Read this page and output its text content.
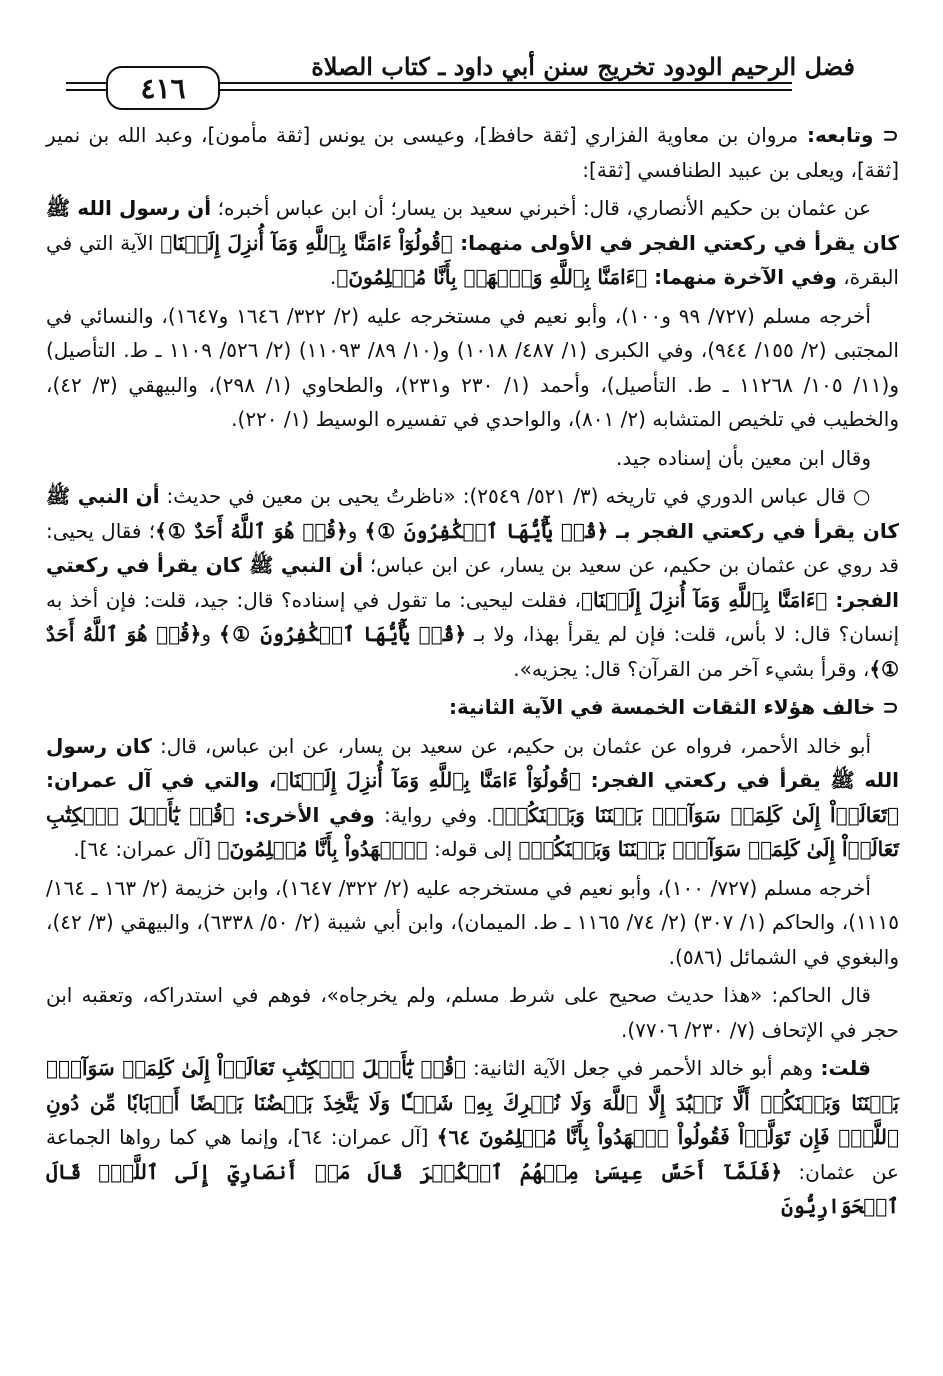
فضل الرحيم الودود تخريج سنن أبي داود ـ كتاب الصلاة
٤١٦

⊂ وتابعه: مروان بن معاوية الفزاري [ثقة حافظ]، وعيسى بن يونس [ثقة مأمون]، وعبد الله بن نمير [ثقة]، ويعلى بن عبيد الطنافسي [ثقة]:

عن عثمان بن حكيم الأنصاري، قال: أخبرني سعيد بن يسار؛ أن ابن عباس أخبره؛ أن رسول الله ﷺ كان يقرأ في ركعتي الفجر في الأولى منهما: ﴿قُولُوٓاْ ءَامَنَّا بِٱللَّهِ وَمَآ أُنزِلَ إِلَيۡنَا﴾ الآية التي في البقرة، وفي الآخرة منهما: ﴿ءَامَنَّا بِٱللَّهِ وَٱشۡهَدۡ بِأَنَّا مُسۡلِمُونَ﴾.

أخرجه مسلم (٧٢٧/ ٩٩ و١٠٠)، وأبو نعيم في مستخرجه عليه (٢/ ٣٢٢/ ١٦٤٦ و١٦٤٧)، والنسائي في المجتبى (٢/ ١٥٥/ ٩٤٤)، وفي الكبرى (١/ ٤٨٧/ ١٠١٨) و(١٠/ ٨٩/ ١١٠٩٣) (٢/ ٥٢٦/ ١١٠٩ ـ ط. التأصيل) و(١١/ ١٠٥/ ١١٢٦٨ ـ ط. التأصيل)، وأحمد (١/ ٢٣٠ و٢٣١)، والطحاوي (١/ ٢٩٨)، والبيهقي (٣/ ٤٢)، والخطيب في تلخيص المتشابه (٢/ ٨٠١)، والواحدي في تفسيره الوسيط (١/ ٢٢٠).

وقال ابن معين بأن إسناده جيد.

○ قال عباس الدوري في تاريخه (٣/ ٥٢١/ ٢٥٤٩): «ناظرتُ يحيى بن معين في حديث: أن النبي ﷺ كان يقرأ في ركعتي الفجر بـ ﴿قُلۡ يَٰٓأَيُّهَا ٱلۡكَٰفِرُونَ ①﴾ و﴿قُلۡ هُوَ ٱللَّهُ أَحَدٌ ①﴾؛ فقال يحيى: قد روي عن عثمان بن حكيم، عن سعيد بن يسار، عن ابن عباس؛ أن النبي ﷺ كان يقرأ في ركعتي الفجر: ﴿ءَامَنَّا بِٱللَّهِ وَمَآ أُنزِلَ إِلَيۡنَا﴾، فقلت ليحيى: ما تقول في إسناده؟ قال: جيد، قلت: فإن أخذ به إنسان؟ قال: لا بأس، قلت: فإن لم يقرأ بهذا، ولا بـ ﴿قُلۡ يَٰٓأَيُّهَا ٱلۡكَٰفِرُونَ ①﴾ و﴿قُلۡ هُوَ ٱللَّهُ أَحَدٌ ①﴾، وقرأ بشيء آخر من القرآن؟ قال: يجزيه».

⊂ خالف هؤلاء الثقات الخمسة في الآية الثانية:

أبو خالد الأحمر، فرواه عن عثمان بن حكيم، عن سعيد بن يسار، عن ابن عباس، قال: كان رسول الله ﷺ يقرأ في ركعتي الفجر: ﴿قُولُوٓاْ ءَامَنَّا بِٱللَّهِ وَمَآ أُنزِلَ إِلَيۡنَا﴾، والتي في آل عمران: ﴿تَعَالَوۡاْ إِلَىٰ كَلِمَةٖ سَوَآءِۭ بَيۡنَنَا وَبَيۡنَكُمۡ﴾. وفي رواية: وفي الأخرى: ﴿قُلۡ يَٰٓأَهۡلَ ٱلۡكِتَٰبِ تَعَالَوۡاْ إِلَىٰ كَلِمَةٖ سَوَآءِۭ بَيۡنَنَا وَبَيۡنَكُمۡ﴾ إلى قوله: ﴿ٱشۡهَدُواْ بِأَنَّا مُسۡلِمُونَ﴾ [آل عمران: ٦٤].

أخرجه مسلم (٧٢٧/ ١٠٠)، وأبو نعيم في مستخرجه عليه (٢/ ٣٢٢/ ١٦٤٧)، وابن خزيمة (٢/ ١٦٣ ـ ١٦٤/ ١١١٥)، والحاكم (١/ ٣٠٧) (٢/ ٧٤/ ١١٦٥ ـ ط. الميمان)، وابن أبي شيبة (٢/ ٥٠/ ٦٣٣٨)، والبيهقي (٣/ ٤٢)، والبغوي في الشمائل (٥٨٦).

قال الحاكم: «هذا حديث صحيح على شرط مسلم، ولم يخرجاه»، فوهم في استدراكه، وتعقبه ابن حجر في الإتحاف (٧/ ٢٣٠/ ٧٧٠٦).

قلت: وهم أبو خالد الأحمر في جعل الآية الثانية: ﴿قُلۡ يَٰٓأَهۡلَ ٱلۡكِتَٰبِ تَعَالَوۡاْ إِلَىٰ كَلِمَةٖ سَوَآءِۭ بَيۡنَنَا وَبَيۡنَكُمۡ أَلَّا نَعۡبُدَ إِلَّا ٱللَّهَ وَلَا نُشۡرِكَ بِهِۦ شَيۡـٔٗا وَلَا يَتَّخِذَ بَعۡضُنَا بَعۡضًا أَرۡبَابٗا مِّن دُونِ ٱللَّهِۚ فَإِن تَوَلَّوۡاْ فَقُولُواْ ٱشۡهَدُواْ بِأَنَّا مُسۡلِمُونَ ٦٤﴾ [آل عمران: ٦٤]، وإنما هي كما رواها الجماعة عن عثمان: ﴿فَلَمَّآ أَحَسَّ عِيسَىٰ مِنۡهُمُ ٱلۡكُفۡرَ قَالَ مَنۡ أَنصَارِيٓ إِلَى ٱللَّهِۖ قَالَ ٱلۡحَوَارِيُّونَ
